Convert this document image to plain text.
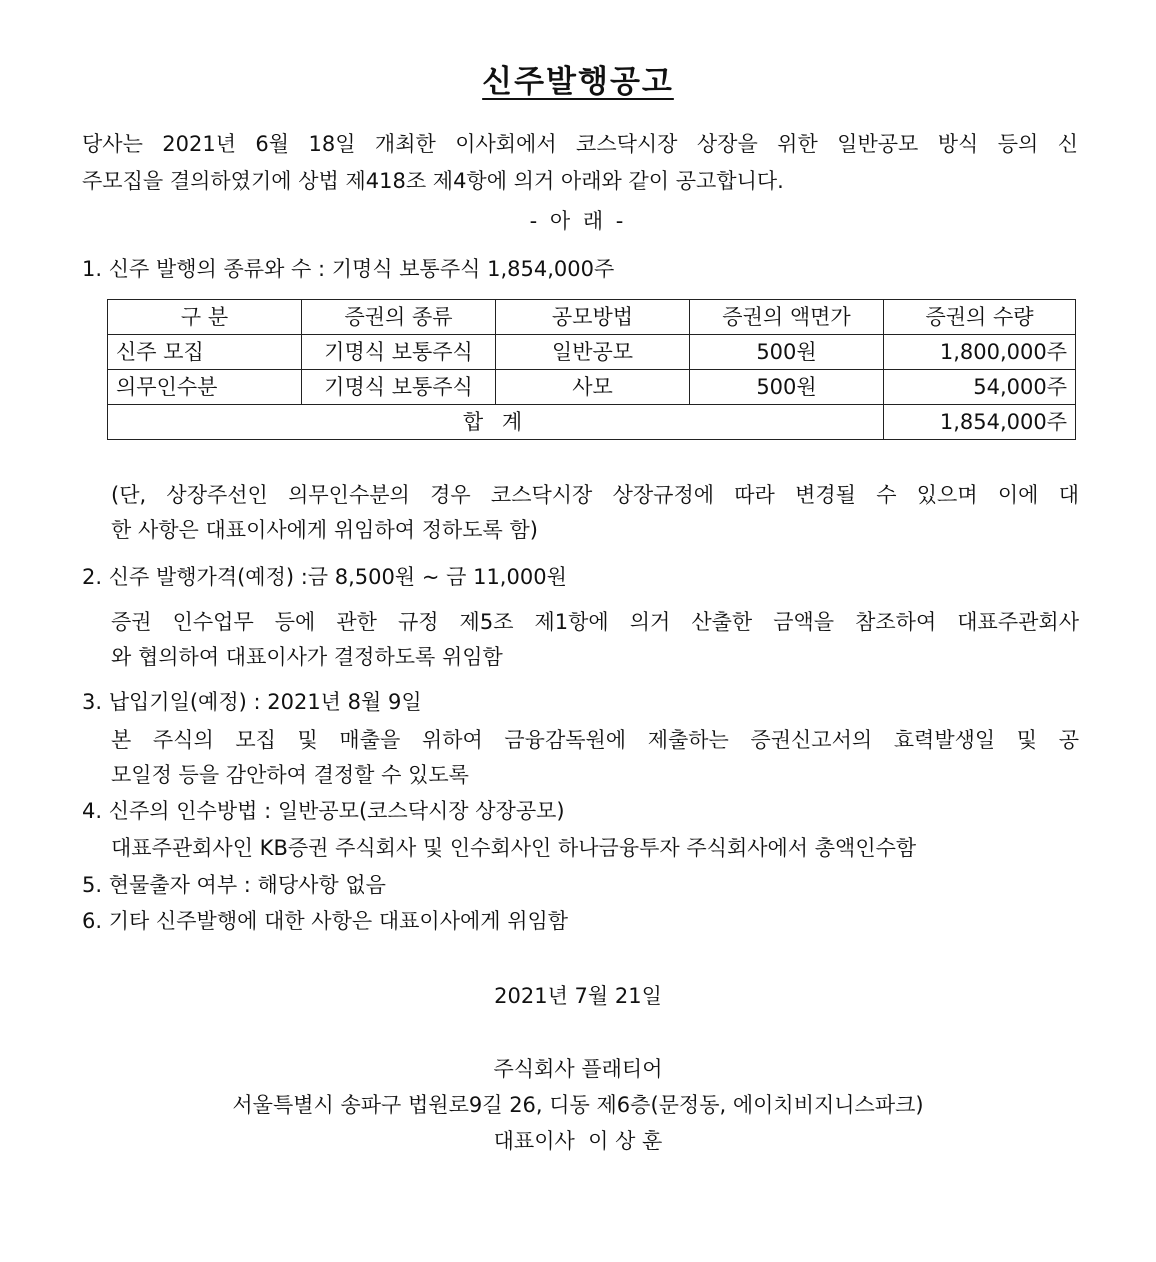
신주발행공고
당사는 2021년 6월 18일 개최한 이사회에서 코스닥시장 상장을 위한 일반공모 방식 등의 신
주모집을 결의하였기에 상법 제418조 제4항에 의거 아래와 같이 공고합니다.
- 아 래 -
1. 신주 발행의 종류와 수 : 기명식 보통주식 1,854,000주
구 분	증권의 종류	공모방법	증권의 액면가	증권의 수량
신주 모집	기명식 보통주식	일반공모	500원	1,800,000주
의무인수분	기명식 보통주식	사모	500원	54,000주
합 계				1,854,000주
(단, 상장주선인 의무인수분의 경우 코스닥시장 상장규정에 따라 변경될 수 있으며 이에 대
한 사항은 대표이사에게 위임하여 정하도록 함)
2. 신주 발행가격(예정) :금 8,500원 ~ 금 11,000원
증권 인수업무 등에 관한 규정 제5조 제1항에 의거 산출한 금액을 참조하여 대표주관회사
와 협의하여 대표이사가 결정하도록 위임함
3. 납입기일(예정) : 2021년 8월 9일
본 주식의 모집 및 매출을 위하여 금융감독원에 제출하는 증권신고서의 효력발생일 및 공
모일정 등을 감안하여 결정할 수 있도록
4. 신주의 인수방법 : 일반공모(코스닥시장 상장공모)
대표주관회사인 KB증권 주식회사 및 인수회사인 하나금융투자 주식회사에서 총액인수함
5. 현물출자 여부 : 해당사항 없음
6. 기타 신주발행에 대한 사항은 대표이사에게 위임함
2021년 7월 21일
주식회사 플래티어
서울특별시 송파구 법원로9길 26, 디동 제6층(문정동, 에이치비지니스파크)
대표이사  이 상 훈
